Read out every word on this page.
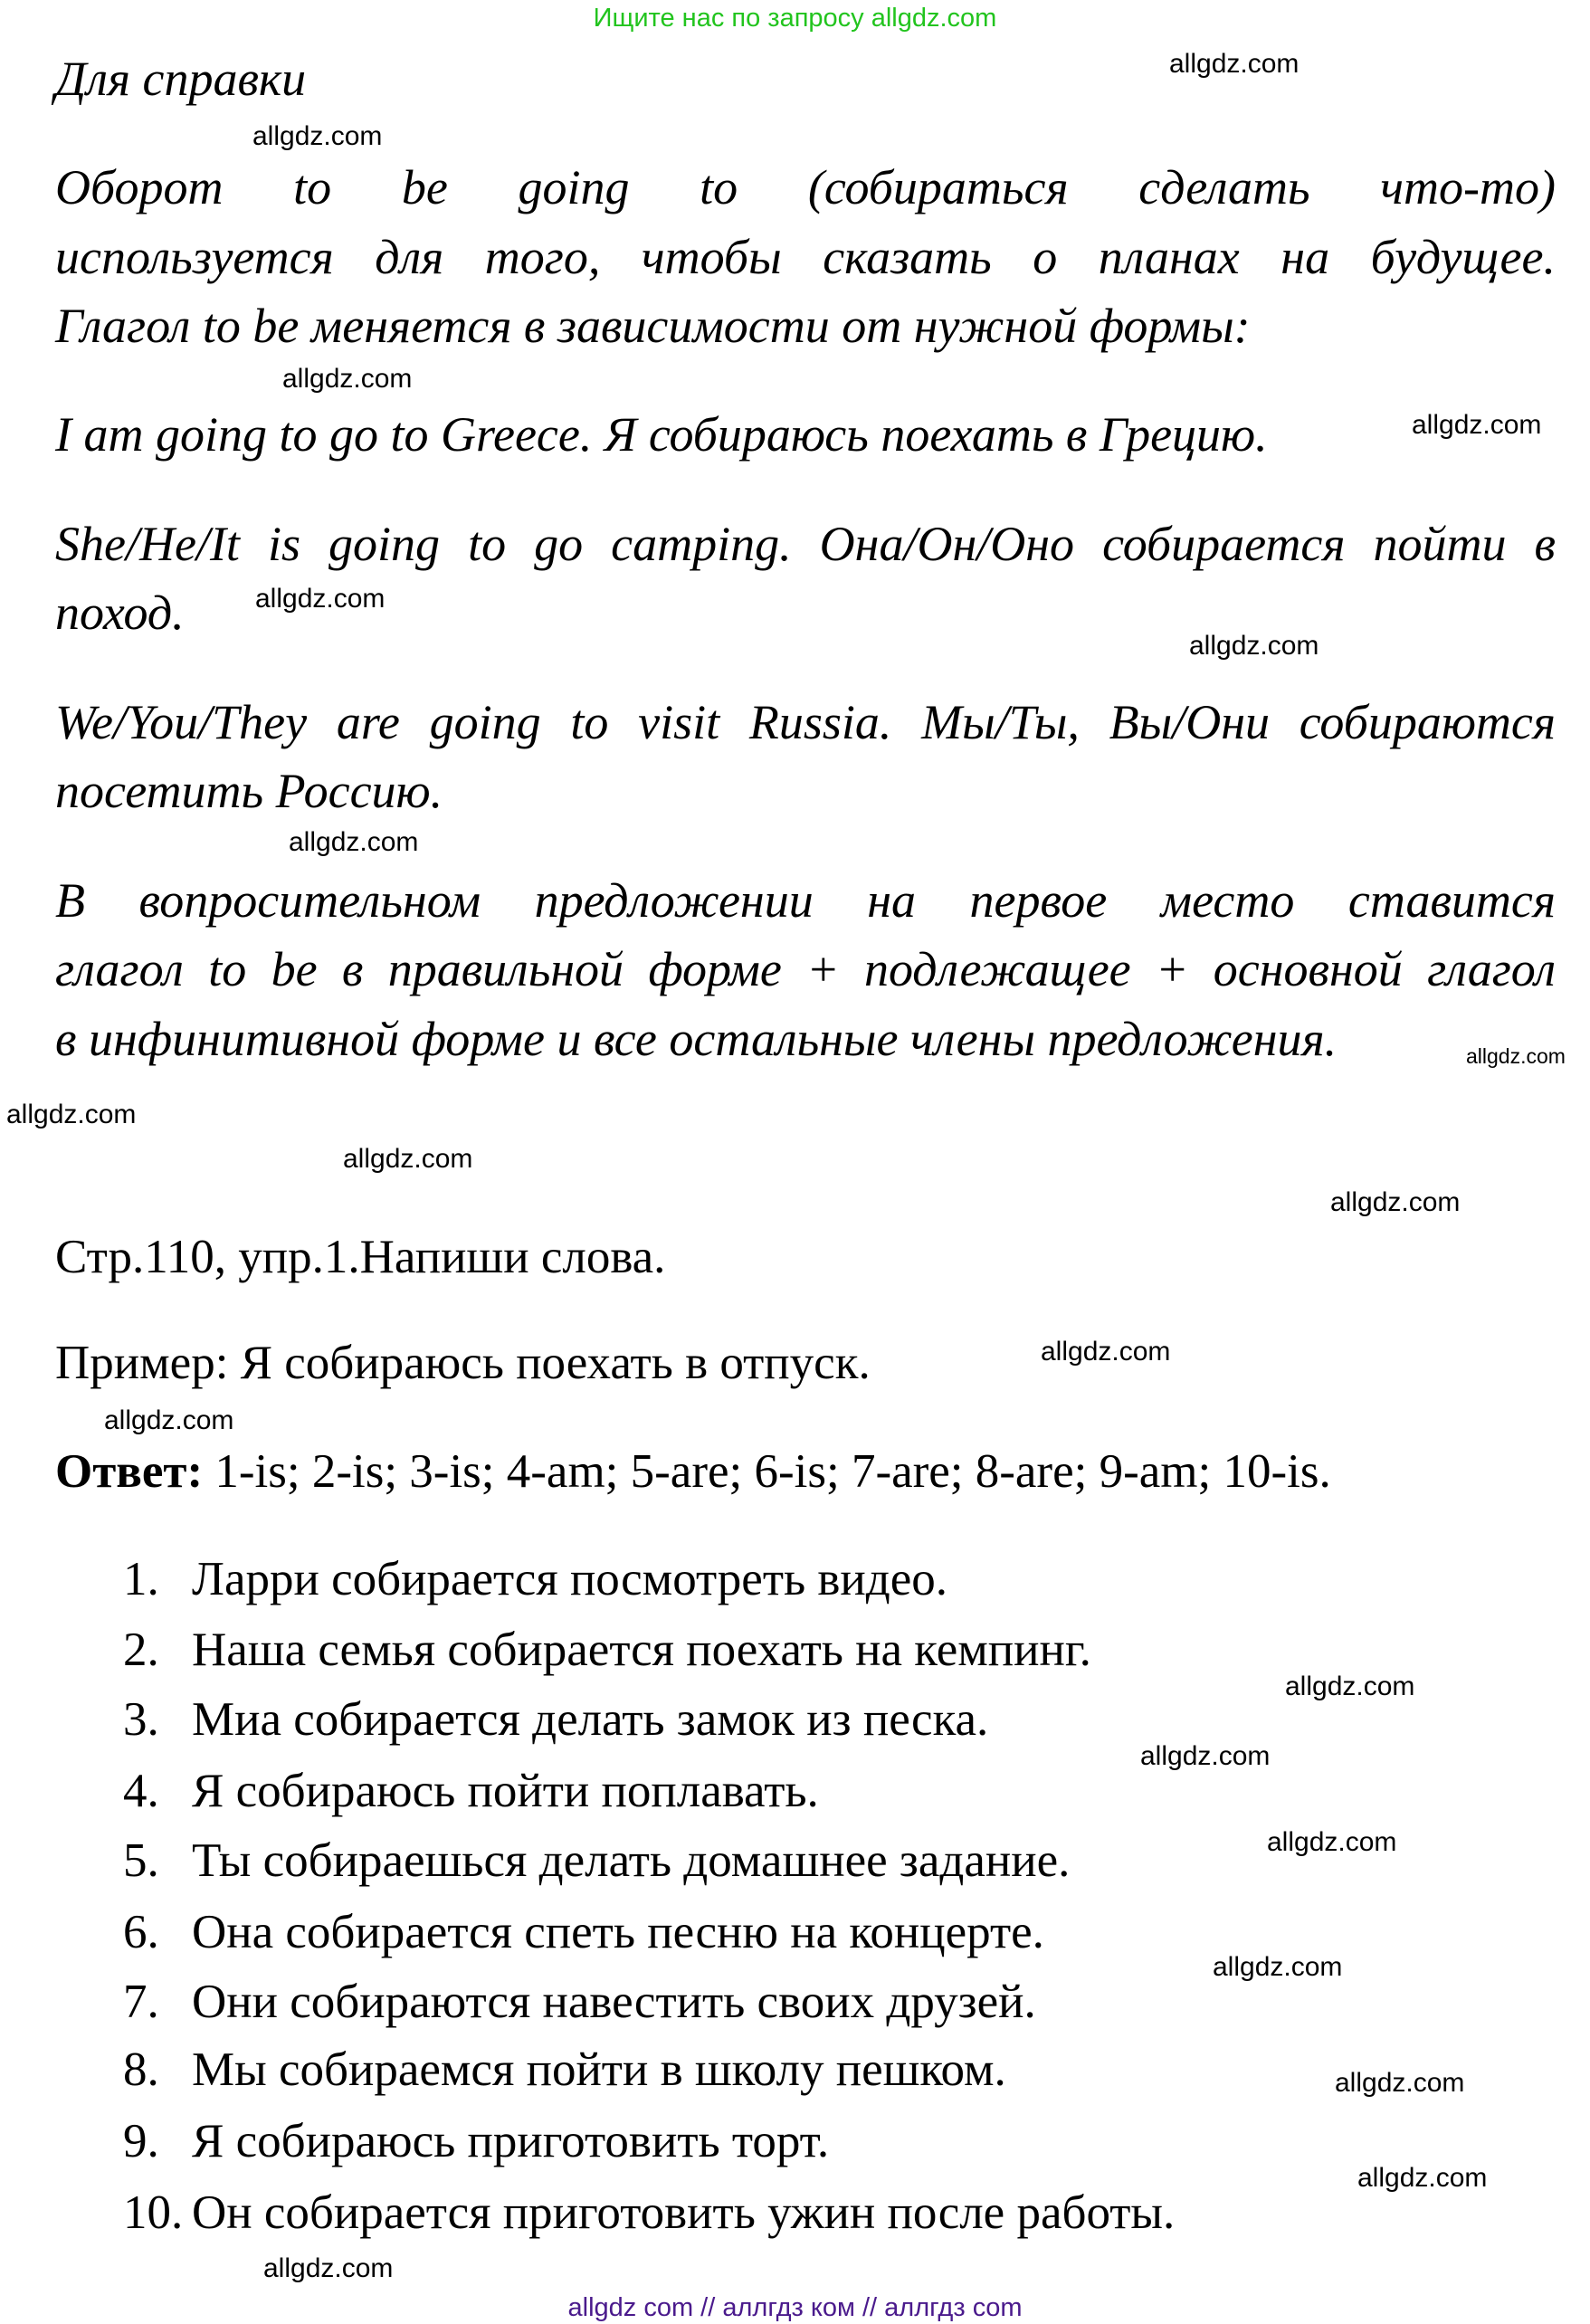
Ищите нас по запросу allgdz.com
Для справки
Оборот to be going to (собираться сделать что-то)
используется для того, чтобы сказать о планах на будущее.
Глагол to be меняется в зависимости от нужной формы:
I am going to go to Greece. Я собираюсь поехать в Грецию.
She/He/It is going to go camping. Она/Он/Оно собирается пойти в
поход.
We/You/They are going to visit Russia. Мы/Ты, Вы/Они собираются
посетить Россию.
В вопросительном предложении на первое место ставится
глагол to be в правильной форме + подлежащее + основной глагол
в инфинитивной форме и все остальные члены предложения.
Стр.110, упр.1.Напиши слова.
Пример: Я собираюсь поехать в отпуск.
Ответ: 1-is; 2-is; 3-is; 4-am; 5-are; 6-is; 7-are; 8-are; 9-am; 10-is.
1. Ларри собирается посмотреть видео.
2. Наша семья собирается поехать на кемпинг.
3. Миа собирается делать замок из песка.
4. Я собираюсь пойти поплавать.
5. Ты собираешься делать домашнее задание.
6. Она собирается спеть песню на концерте.
7. Они собираются навестить своих друзей.
8. Мы собираемся пойти в школу пешком.
9. Я собираюсь приготовить торт.
10. Он собирается приготовить ужин после работы.
allgdz.com
allgdz.com
allgdz.com
allgdz.com
allgdz.com
allgdz.com
allgdz.com
allgdz.com
allgdz.com
allgdz.com
allgdz.com
allgdz.com
allgdz.com
allgdz.com
allgdz.com
allgdz.com
allgdz.com
allgdz.com
allgdz.com
allgdz.com
allgdz com // аллгдз ком // аллгдз com
